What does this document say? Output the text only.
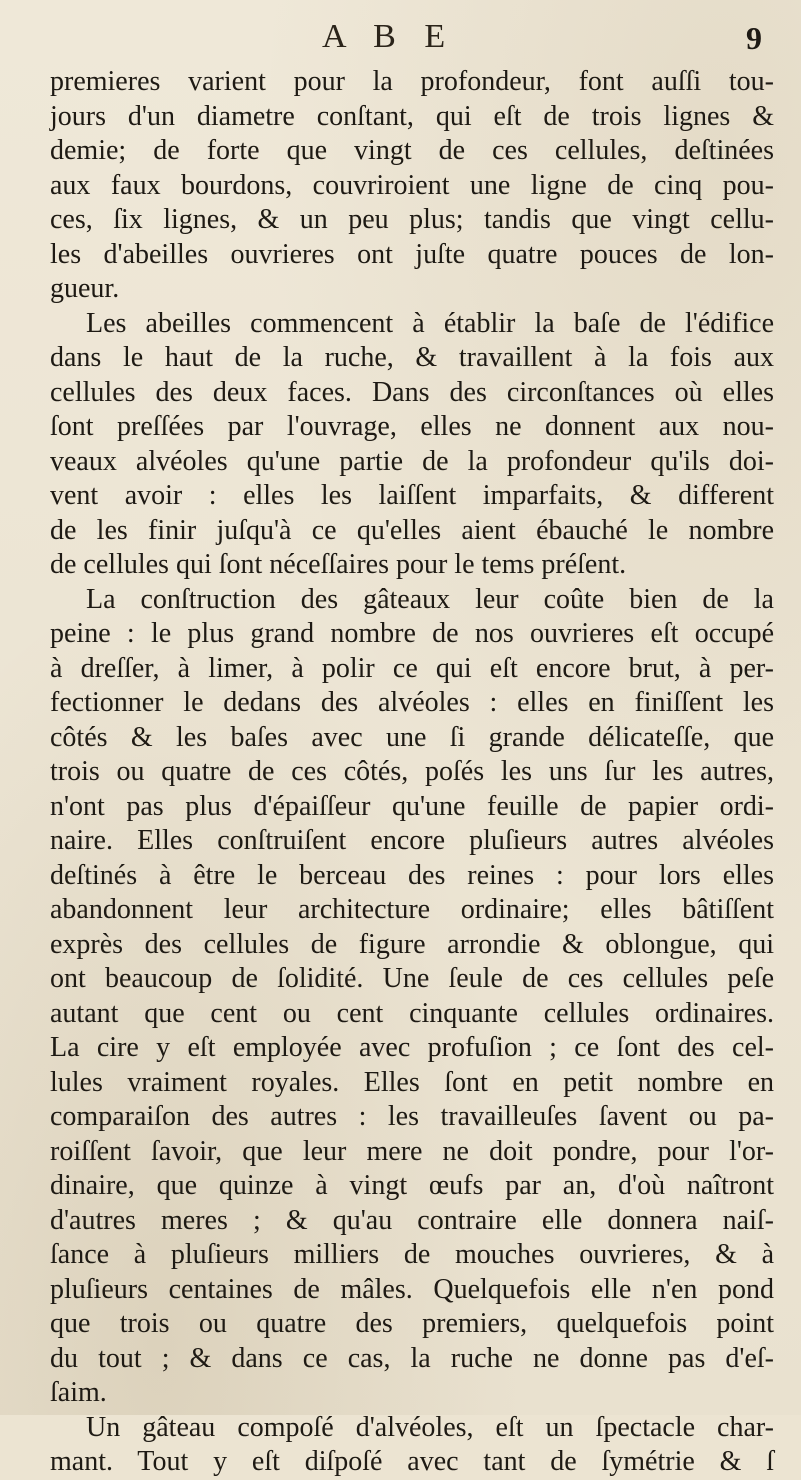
A B E	9
premieres varient pour la profondeur, font auſſi tou-
jours d'un diametre conſtant, qui eſt de trois lignes &
demie; de forte que vingt de ces cellules, deſtinées
aux faux bourdons, couvriroient une ligne de cinq pou-
ces, ſix lignes, & un peu plus; tandis que vingt cellu-
les d'abeilles ouvrieres ont juſte quatre pouces de lon-
gueur.
Les abeilles commencent à établir la baſe de l'édifice
dans le haut de la ruche, & travaillent à la fois aux
cellules des deux faces. Dans des circonſtances où elles
ſont preſſées par l'ouvrage, elles ne donnent aux nou-
veaux alvéoles qu'une partie de la profondeur qu'ils doi-
vent avoir : elles les laiſſent imparfaits, & different
de les finir juſqu'à ce qu'elles aient ébauché le nombre
de cellules qui ſont néceſſaires pour le tems préſent.
La conſtruction des gâteaux leur coûte bien de la
peine : le plus grand nombre de nos ouvrieres eſt occupé
à dreſſer, à limer, à polir ce qui eſt encore brut, à per-
fectionner le dedans des alvéoles : elles en finiſſent les
côtés & les baſes avec une ſi grande délicateſſe, que
trois ou quatre de ces côtés, poſés les uns ſur les autres,
n'ont pas plus d'épaiſſeur qu'une feuille de papier ordi-
naire. Elles conſtruiſent encore pluſieurs autres alvéoles
deſtinés à être le berceau des reines : pour lors elles
abandonnent leur architecture ordinaire; elles bâtiſſent
exprès des cellules de figure arrondie & oblongue, qui
ont beaucoup de ſolidité. Une ſeule de ces cellules peſe
autant que cent ou cent cinquante cellules ordinaires.
La cire y eſt employée avec profuſion ; ce ſont des cel-
lules vraiment royales. Elles ſont en petit nombre en
comparaiſon des autres : les travailleuſes ſavent ou pa-
roiſſent ſavoir, que leur mere ne doit pondre, pour l'or-
dinaire, que quinze à vingt œufs par an, d'où naîtront
d'autres meres ; & qu'au contraire elle donnera naiſ-
ſance à pluſieurs milliers de mouches ouvrieres, & à
pluſieurs centaines de mâles. Quelquefois elle n'en pond
que trois ou quatre des premiers, quelquefois point
du tout ; & dans ce cas, la ruche ne donne pas d'eſ-
ſaim.
Un gâteau compoſé d'alvéoles, eſt un ſpectacle char-
mant. Tout y eſt diſpoſé avec tant de ſymétrie & ſ
